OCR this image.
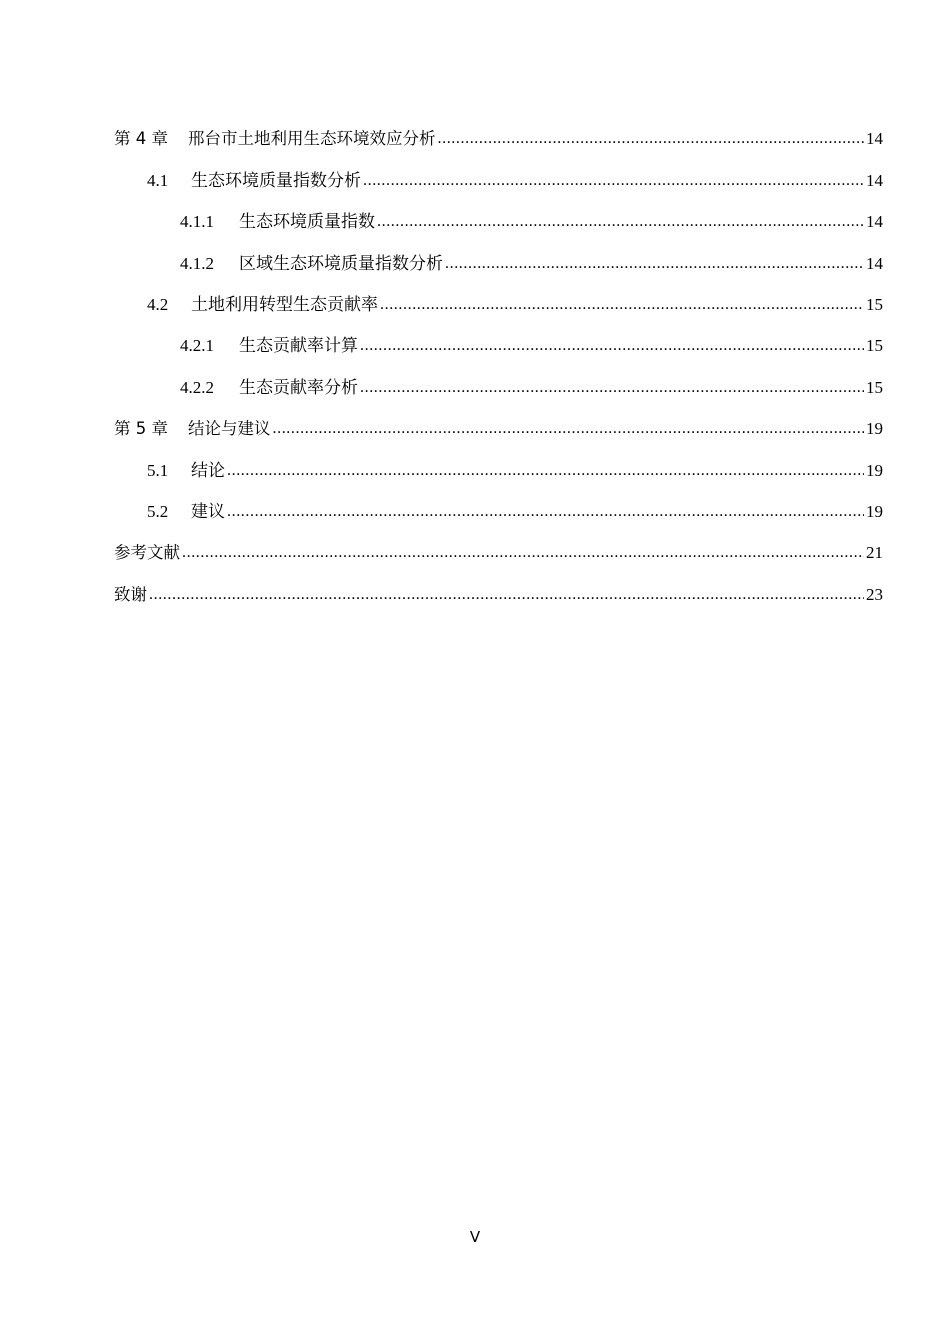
第 4 章	邢台市土地利用生态环境效应分析 .....	14
4.1	生态环境质量指数分析 .....	14
4.1.1	生态环境质量指数 .....	14
4.1.2	区域生态环境质量指数分析 .....	14
4.2	土地利用转型生态贡献率 .....	15
4.2.1	生态贡献率计算 .....	15
4.2.2	生态贡献率分析 .....	15
第 5 章	结论与建议 .....	19
5.1	结论 .....	19
5.2	建议 .....	19
参考文献 .....	21
致谢 .....	23
V
